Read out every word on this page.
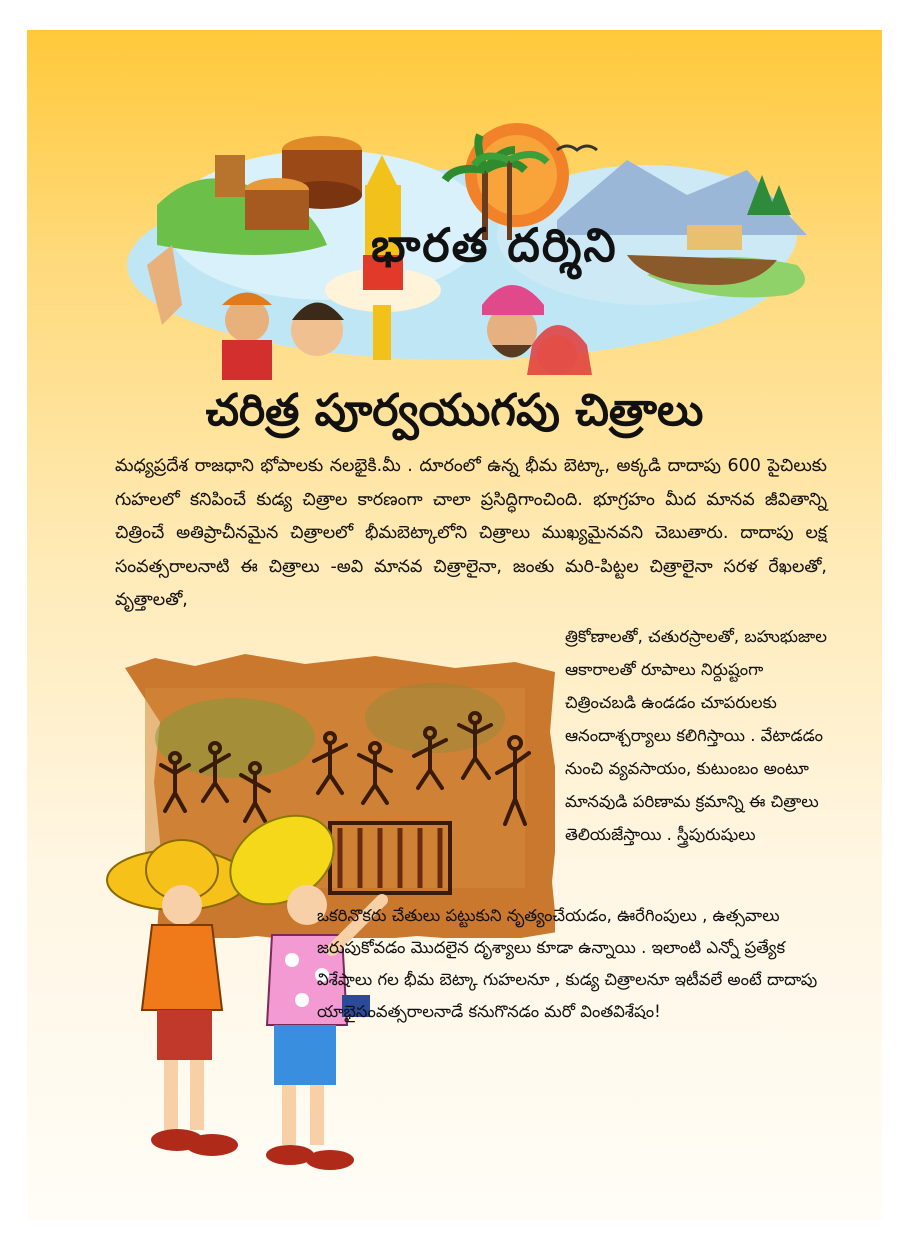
భారత దర్శిని
చరిత్ర పూర్వయుగపు చిత్రాలు

మధ్యప్రదేశ రాజధాని భోపాలకు నలభైకి.మీ . దూరంలో ఉన్న భీమ బెట్కా, అక్కడి దాదాపు 600 పైచిలుకు గుహలలో కనిపించే కుడ్య చిత్రాల కారణంగా చాలా ప్రసిద్ధిగాంచింది. భూగ్రహం మీద మానవ జీవితాన్ని చిత్రించే అతిప్రాచీనమైన చిత్రాలలో భీమబెట్కాలోని చిత్రాలు ముఖ్యమైనవని చెబుతారు. దాదాపు లక్ష సంవత్సరాలనాటి ఈ చిత్రాలు -అవి మానవ చిత్రాలైనా, జంతు మరి-పిట్టల చిత్రాలైనా సరళ రేఖలతో, వృత్తాలతో,

త్రికోణాలతో, చతురస్రాలతో, బహుభుజాల ఆకారాలతో రూపాలు నిర్దుష్టంగా చిత్రించబడి ఉండడం చూపరులకు ఆనందాశ్చర్యాలు కలిగిస్తాయి . వేటాడడం నుంచి వ్యవసాయం, కుటుంబం అంటూ మానవుడి పరిణామ క్రమాన్ని ఈ చిత్రాలు తెలియజేస్తాయి . స్త్రీపురుషులు

ఒకరినొకరు చేతులు పట్టుకుని నృత్యంచేయడం, ఊరేగింపులు , ఉత్సవాలు జరుపుకోవడం మొదలైన దృశ్యాలు కూడా ఉన్నాయి . ఇలాంటి ఎన్నో ప్రత్యేక విశేషాలు గల భీమ బెట్కా గుహలనూ , కుడ్య చిత్రాలనూ ఇటీవలే అంటే దాదాపు యాభైసంవత్సరాలనాడే కనుగొనడం మరో వింతవిశేషం!
